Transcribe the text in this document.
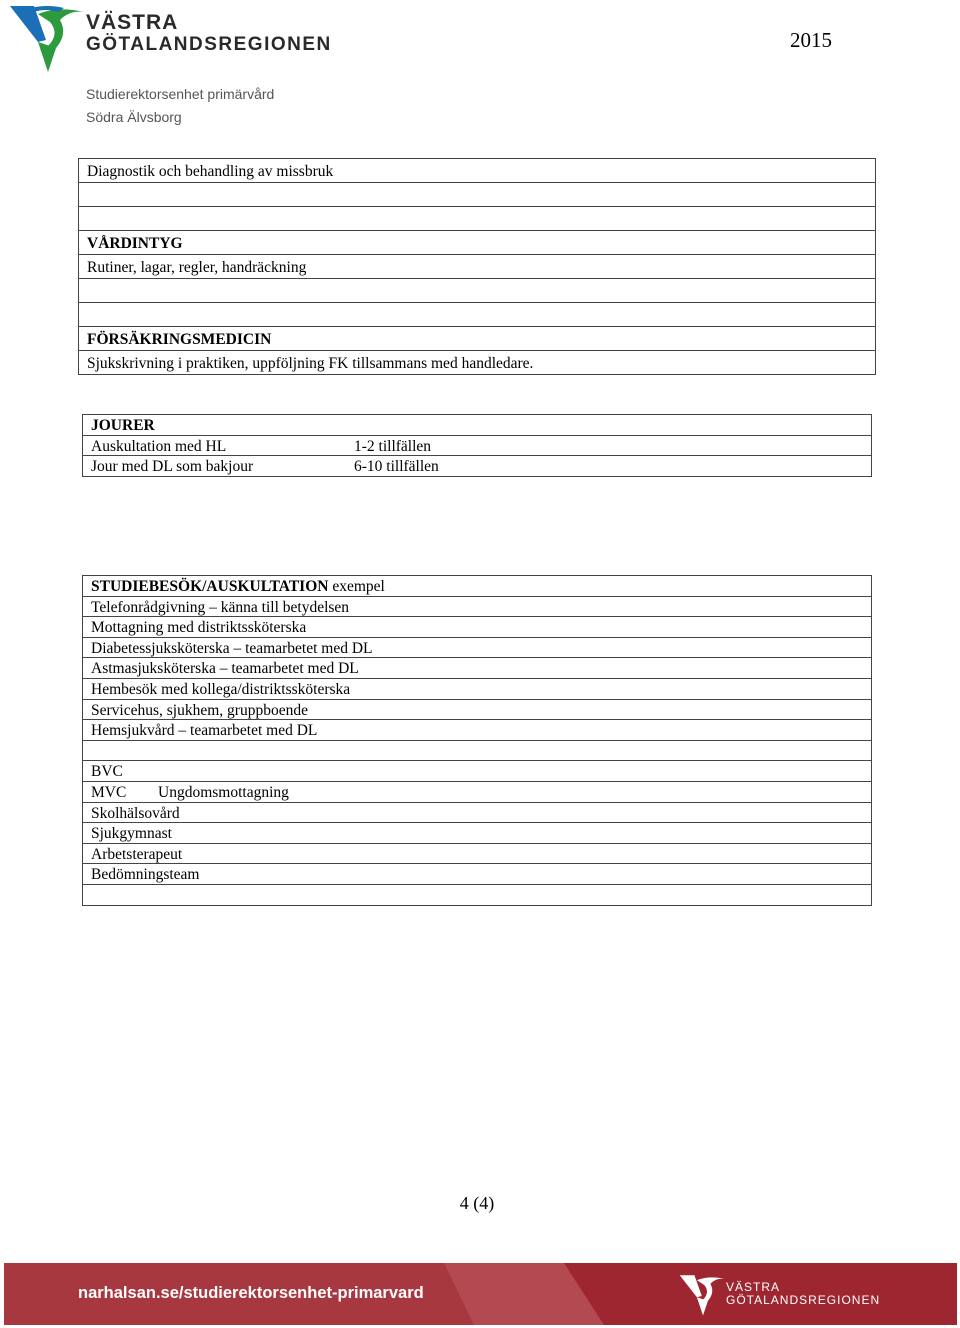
VÄSTRA
GÖTALANDSREGIONEN	2015
Studierektorsenhet primärvård
Södra Älvsborg
Diagnostik och behandling av missbruk
VÅRDINTYG
Rutiner, lagar, regler, handräckning
FÖRSÄKRINGSMEDICIN
Sjukskrivning i praktiken, uppföljning FK tillsammans med handledare.
JOURER
Auskultation med HL	1-2 tillfällen
Jour med DL som bakjour	6-10 tillfällen
STUDIEBESÖK/AUSKULTATION exempel
Telefonrådgivning – känna till betydelsen
Mottagning med distriktssköterska
Diabetessjuksköterska – teamarbetet med DL
Astmasjuksköterska – teamarbetet med DL
Hembesök med kollega/distriktssköterska
Servicehus, sjukhem, gruppboende
Hemsjukvård – teamarbetet med DL
BVC
MVC Ungdomsmottagning
Skolhälsovård
Sjukgymnast
Arbetsterapeut
Bedömningsteam
4 (4)
narhalsan.se/studierektorsenhet-primarvard	VÄSTRA
GÖTALANDSREGIONEN
